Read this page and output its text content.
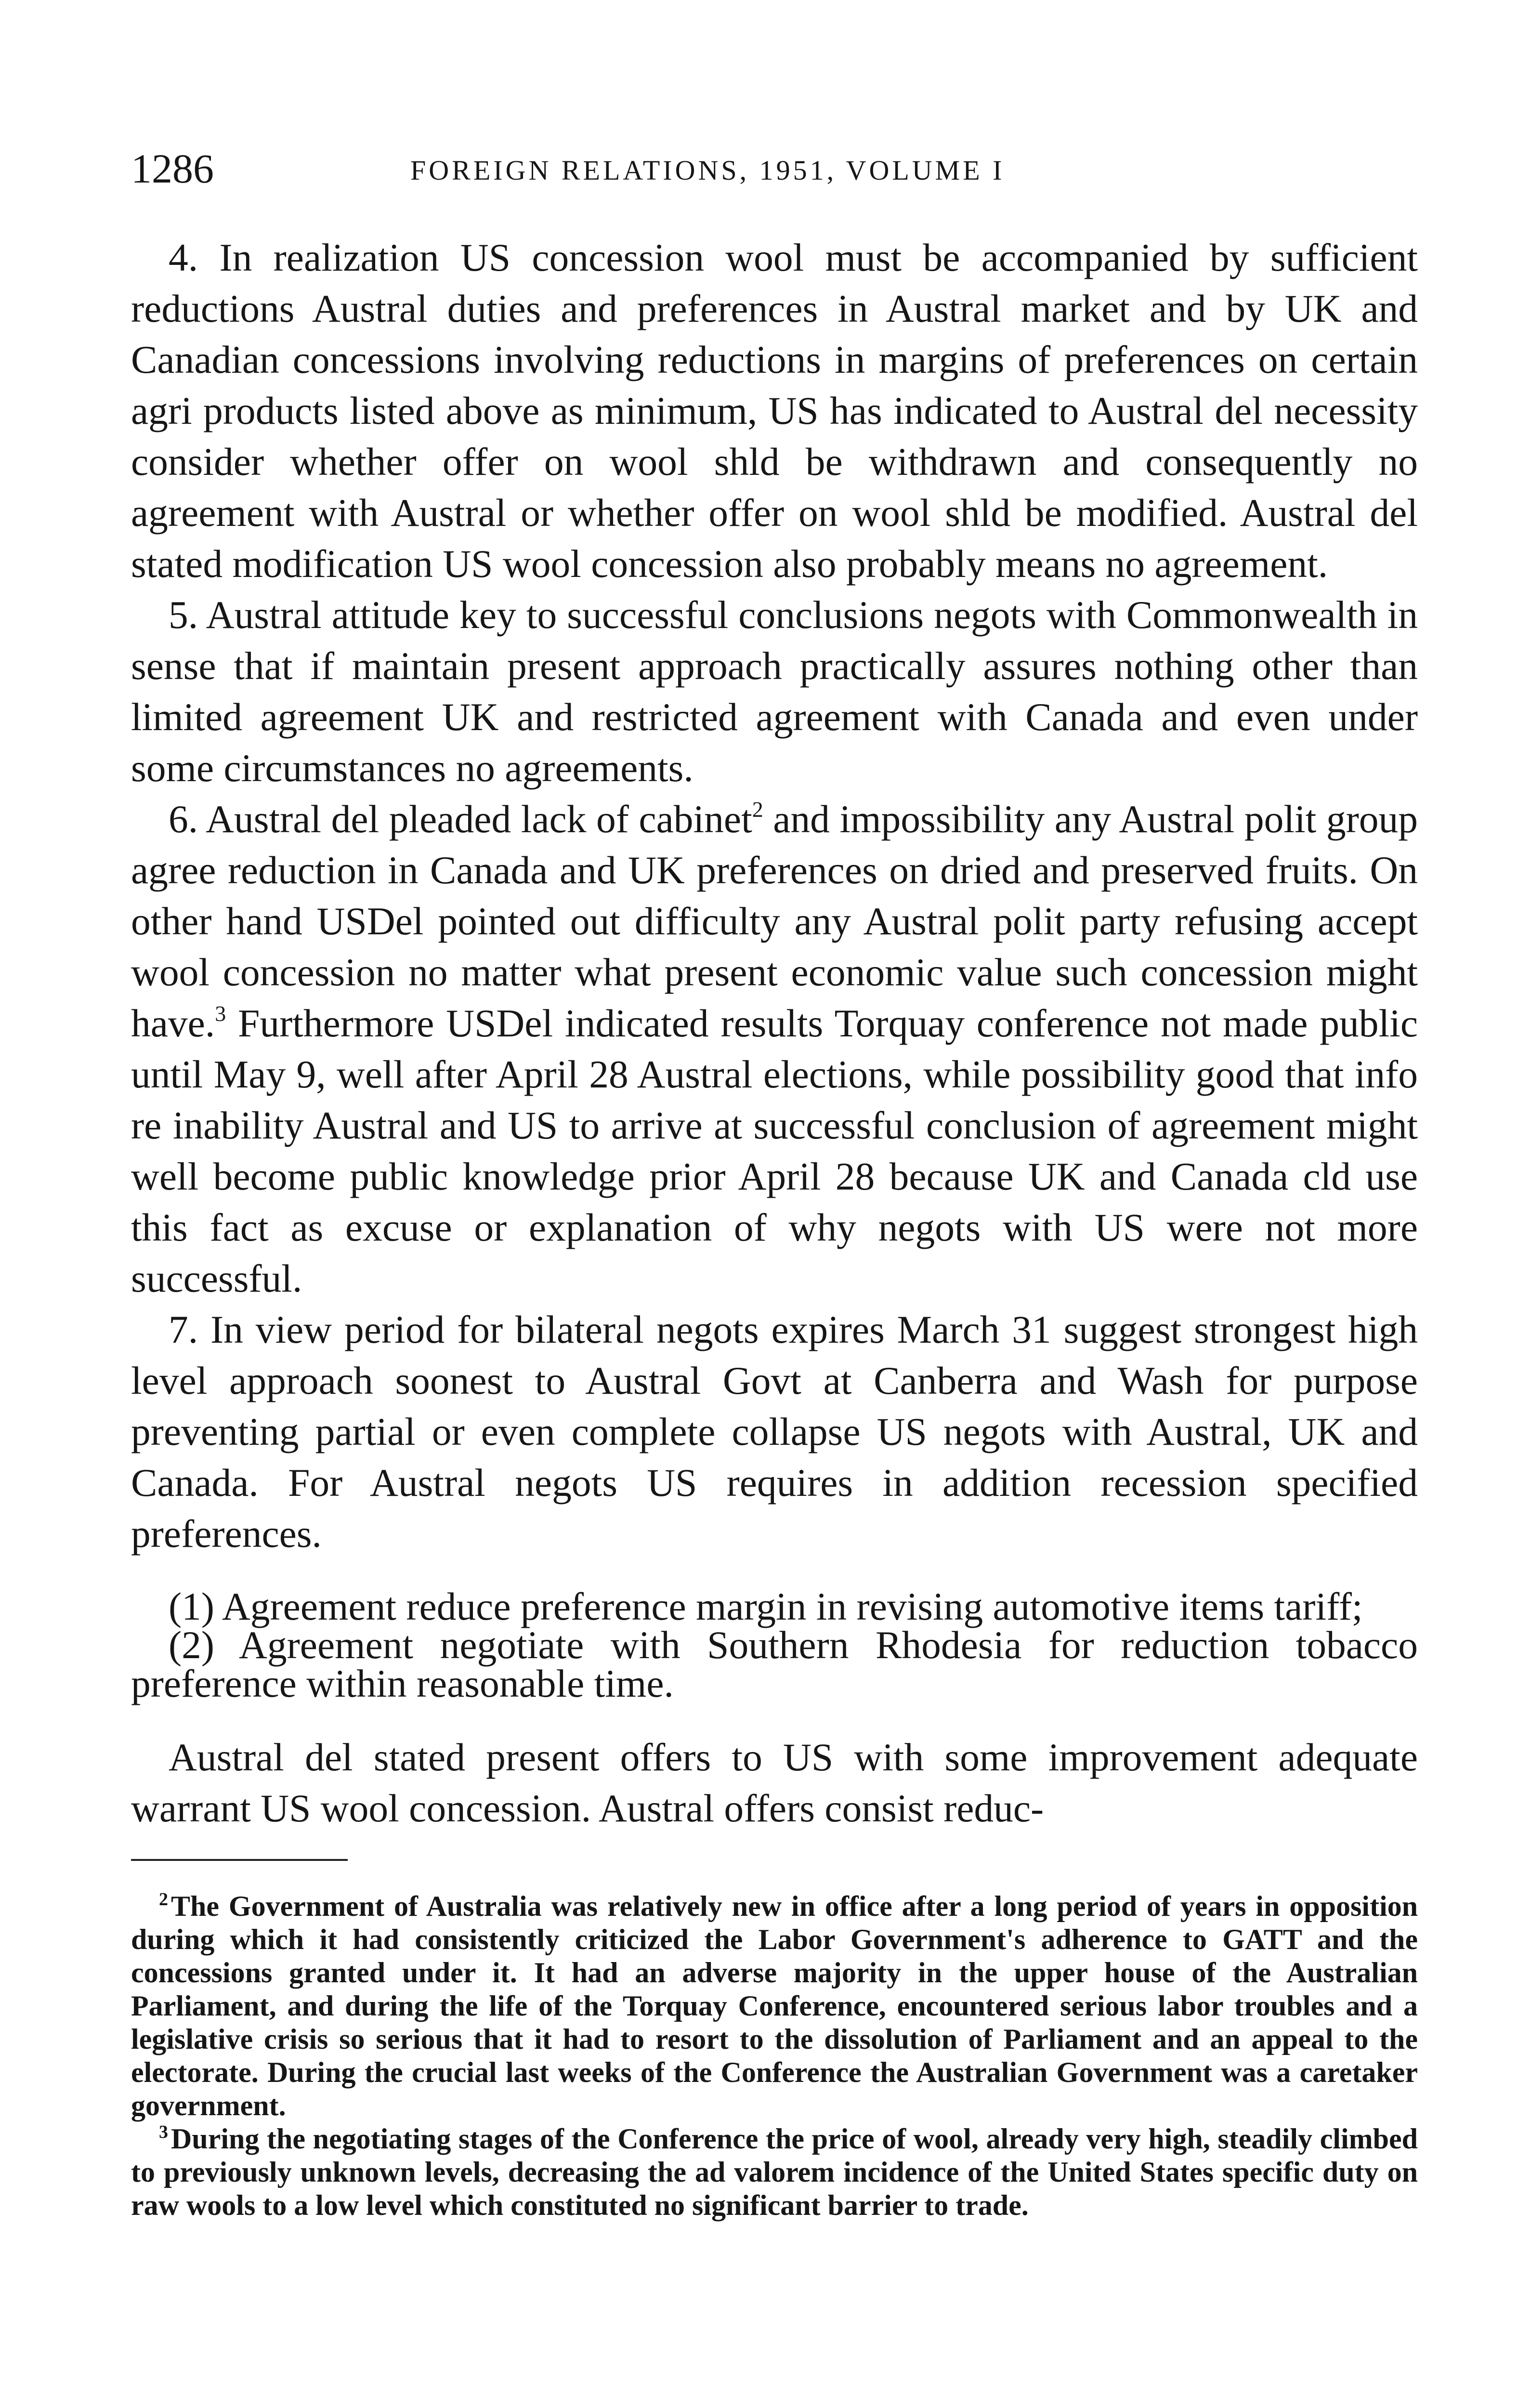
1286	FOREIGN RELATIONS, 1951, VOLUME I

4. In realization US concession wool must be accompanied by sufficient reductions Austral duties and preferences in Austral market and by UK and Canadian concessions involving reductions in margins of preferences on certain agri products listed above as minimum, US has indicated to Austral del necessity consider whether offer on wool shld be withdrawn and consequently no agreement with Austral or whether offer on wool shld be modified. Austral del stated modification US wool concession also probably means no agreement.

5. Austral attitude key to successful conclusions negots with Commonwealth in sense that if maintain present approach practically assures nothing other than limited agreement UK and restricted agreement with Canada and even under some circumstances no agreements.

6. Austral del pleaded lack of cabinet$^2$ and impossibility any Austral polit group agree reduction in Canada and UK preferences on dried and preserved fruits. On other hand USDel pointed out difficulty any Austral polit party refusing accept wool concession no matter what present economic value such concession might have.$^3$ Furthermore USDel indicated results Torquay conference not made public until May 9, well after April 28 Austral elections, while possibility good that info re inability Austral and US to arrive at successful conclusion of agreement might well become public knowledge prior April 28 because UK and Canada cld use this fact as excuse or explanation of why negots with US were not more successful.

7. In view period for bilateral negots expires March 31 suggest strongest high level approach soonest to Austral Govt at Canberra and Wash for purpose preventing partial or even complete collapse US negots with Austral, UK and Canada. For Austral negots US requires in addition recession specified preferences.

(1) Agreement reduce preference margin in revising automotive items tariff;

(2) Agreement negotiate with Southern Rhodesia for reduction tobacco preference within reasonable time.

Austral del stated present offers to US with some improvement adequate warrant US wool concession. Austral offers consist reduc-

$^2$ The Government of Australia was relatively new in office after a long period of years in opposition during which it had consistently criticized the Labor Government's adherence to GATT and the concessions granted under it. It had an adverse majority in the upper house of the Australian Parliament, and during the life of the Torquay Conference, encountered serious labor troubles and a legislative crisis so serious that it had to resort to the dissolution of Parliament and an appeal to the electorate. During the crucial last weeks of the Conference the Australian Government was a caretaker government.

$^3$ During the negotiating stages of the Conference the price of wool, already very high, steadily climbed to previously unknown levels, decreasing the ad valorem incidence of the United States specific duty on raw wools to a low level which constituted no significant barrier to trade.
